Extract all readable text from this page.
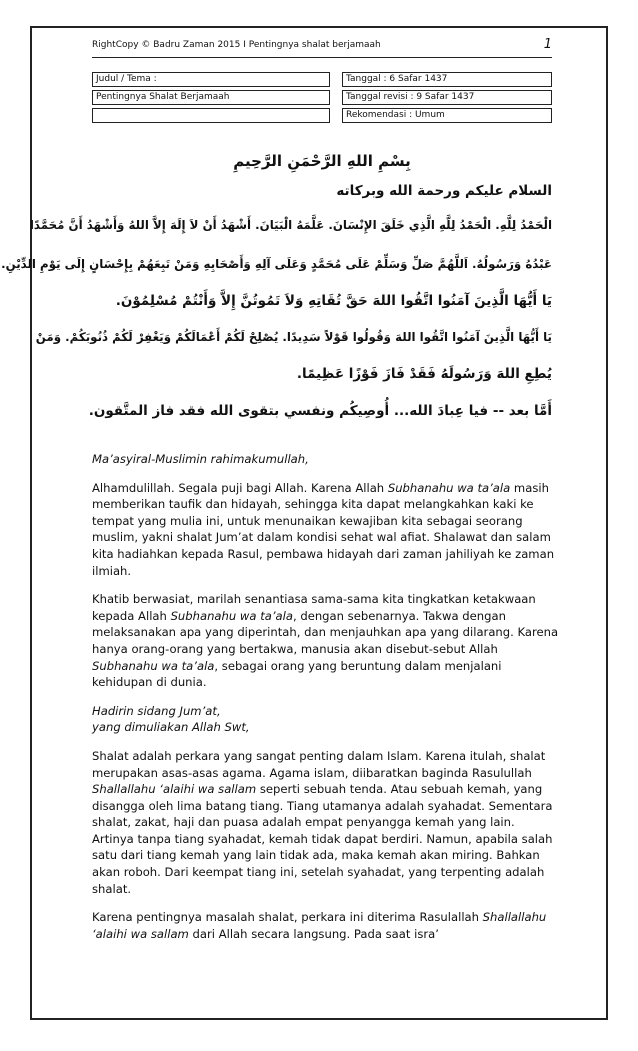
RightCopy © Badru Zaman 2015 I Pentingnya shalat berjamaah	1
Judul / Tema :		Tanggal : 6 Safar 1437
Pentingnya Shalat Berjamaah		Tanggal revisi : 9 Safar 1437
		Rekomendasi : Umum
بِسْمِ اللهِ الرَّحْمَنِ الرَّحِيمِ
السلام عليكم ورحمة الله وبركاته
الْحَمْدُ لِلَّهِ. الْحَمْدُ لِلَّهِ الَّذِي خَلَقَ الإِنْسَانَ. عَلَّمَهُ الْبَيَانَ. أَشْهَدُ أَنْ لاَ إِلَهَ إِلاَّ اللهُ وَأَشْهَدُ أَنَّ مُحَمَّدًا
عَبْدُهُ وَرَسُولُهُ. اَللَّهُمَّ صَلِّ وَسَلِّمْ عَلَى مُحَمَّدٍ وَعَلَى آلِهِ وَأَصْحَابِهِ وَمَنْ تَبِعَهُمْ بِإِحْسَانٍ إِلَى يَوْمِ الدِّيْنِ.
يَا أَيُّهَا الَّذِينَ آمَنُوا اتَّقُوا اللهَ حَقَّ تُقَاتِهِ وَلاَ تَمُوتُنَّ إِلاَّ وَأَنْتُمْ مُسْلِمُوْنَ.
يَا أَيُّهَا الَّذِينَ آمَنُوا اتَّقُوا اللهَ وَقُولُوا قَوْلاً سَدِيدًا. يُصْلِحْ لَكُمْ أَعْمَالَكُمْ وَيَغْفِرْ لَكُمْ ذُنُوبَكُمْ. وَمَنْ
يُطِعِ اللهَ وَرَسُولَهُ فَقَدْ فَازَ فَوْزًا عَظِيمًا.
أَمَّا بعد -- فيا عِبادَ الله... أُوصِيكُم ونفسي بتقوى الله فقد فاز المتَّقون.

Ma’asyiral-Muslimin rahimakumullah,

Alhamdulillah. Segala puji bagi Allah. Karena Allah Subhanahu wa ta’ala masih memberikan taufik dan hidayah, sehingga kita dapat melangkahkan kaki ke tempat yang mulia ini, untuk menunaikan kewajiban kita sebagai seorang muslim, yakni shalat Jum’at dalam kondisi sehat wal afiat. Shalawat dan salam kita hadiahkan kepada Rasul, pembawa hidayah dari zaman jahiliyah ke zaman ilmiah.

Khatib berwasiat, marilah senantiasa sama-sama kita tingkatkan ketakwaan kepada Allah Subhanahu wa ta’ala, dengan sebenarnya. Takwa dengan melaksanakan apa yang diperintah, dan menjauhkan apa yang dilarang. Karena hanya orang-orang yang bertakwa, manusia akan disebut-sebut Allah Subhanahu wa ta’ala, sebagai orang yang beruntung dalam menjalani kehidupan di dunia.

Hadirin sidang Jum’at,
yang dimuliakan Allah Swt,

Shalat adalah perkara yang sangat penting dalam Islam. Karena itulah, shalat merupakan asas-asas agama. Agama islam, diibaratkan baginda Rasulullah Shallallahu ‘alaihi wa sallam seperti sebuah tenda. Atau sebuah kemah, yang disangga oleh lima batang tiang. Tiang utamanya adalah syahadat. Sementara shalat, zakat, haji dan puasa adalah empat penyangga kemah yang lain. Artinya tanpa tiang syahadat, kemah tidak dapat berdiri. Namun, apabila salah satu dari tiang kemah yang lain tidak ada, maka kemah akan miring. Bahkan akan roboh. Dari keempat tiang ini, setelah syahadat, yang terpenting adalah shalat.

Karena pentingnya masalah shalat, perkara ini diterima Rasulallah Shallallahu ‘alaihi wa sallam dari Allah secara langsung. Pada saat isra’
